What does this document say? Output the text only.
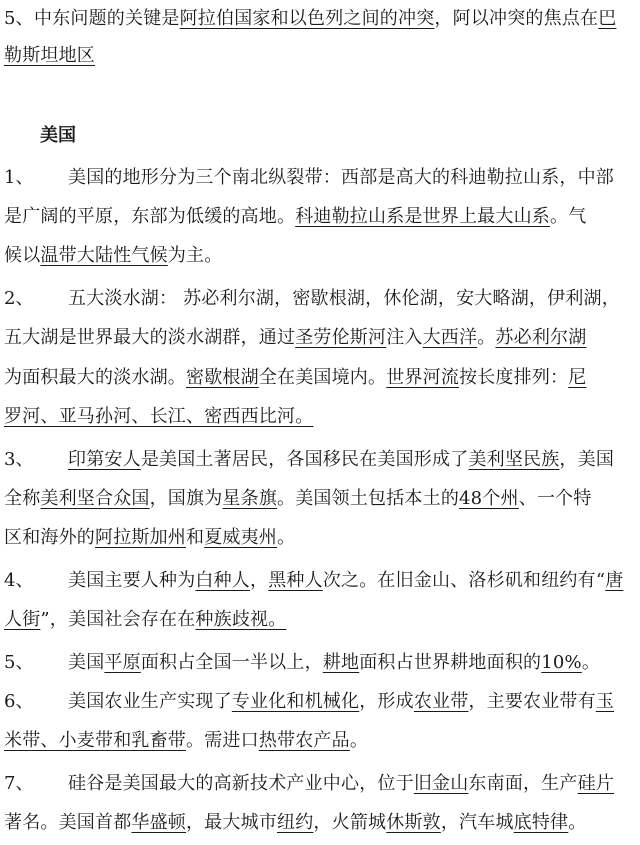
5、 中东问题的关键是阿拉伯国家和以色列之间的冲突，阿以冲突的焦点在巴
勒斯坦地区
美国
1、 美国的地形分为三个南北纵裂带：西部是高大的科迪勒拉山系，中部
是广阔的平原，东部为低缓的高地。科迪勒拉山系是世界上最大山系。气
候以温带大陆性气候为主。
2、 五大淡水湖： 苏必利尔湖，密歇根湖，休伦湖，安大略湖，伊利湖，
五大湖是世界最大的淡水湖群，通过圣劳伦斯河注入大西洋。苏必利尔湖
为面积最大的淡水湖。密歇根湖全在美国境内。世界河流按长度排列：尼
罗河、亚马孙河、长江、密西西比河。
3、 印第安人是美国土著居民，各国移民在美国形成了美利坚民族，美国
全称美利坚合众国，国旗为星条旗。美国领土包括本土的48个州、一个特
区和海外的阿拉斯加州和夏威夷州。
4、 美国主要人种为白种人，黑种人次之。在旧金山、洛杉矶和纽约有“唐
人街”，美国社会存在在种族歧视。
5、 美国平原面积占全国一半以上，耕地面积占世界耕地面积的10%。
6、 美国农业生产实现了专业化和机械化，形成农业带，主要农业带有玉
米带、小麦带和乳畜带。需进口热带农产品。
7、 硅谷是美国最大的高新技术产业中心，位于旧金山东南面，生产硅片
著名。美国首都华盛顿，最大城市纽约，火箭城休斯敦，汽车城底特律。
